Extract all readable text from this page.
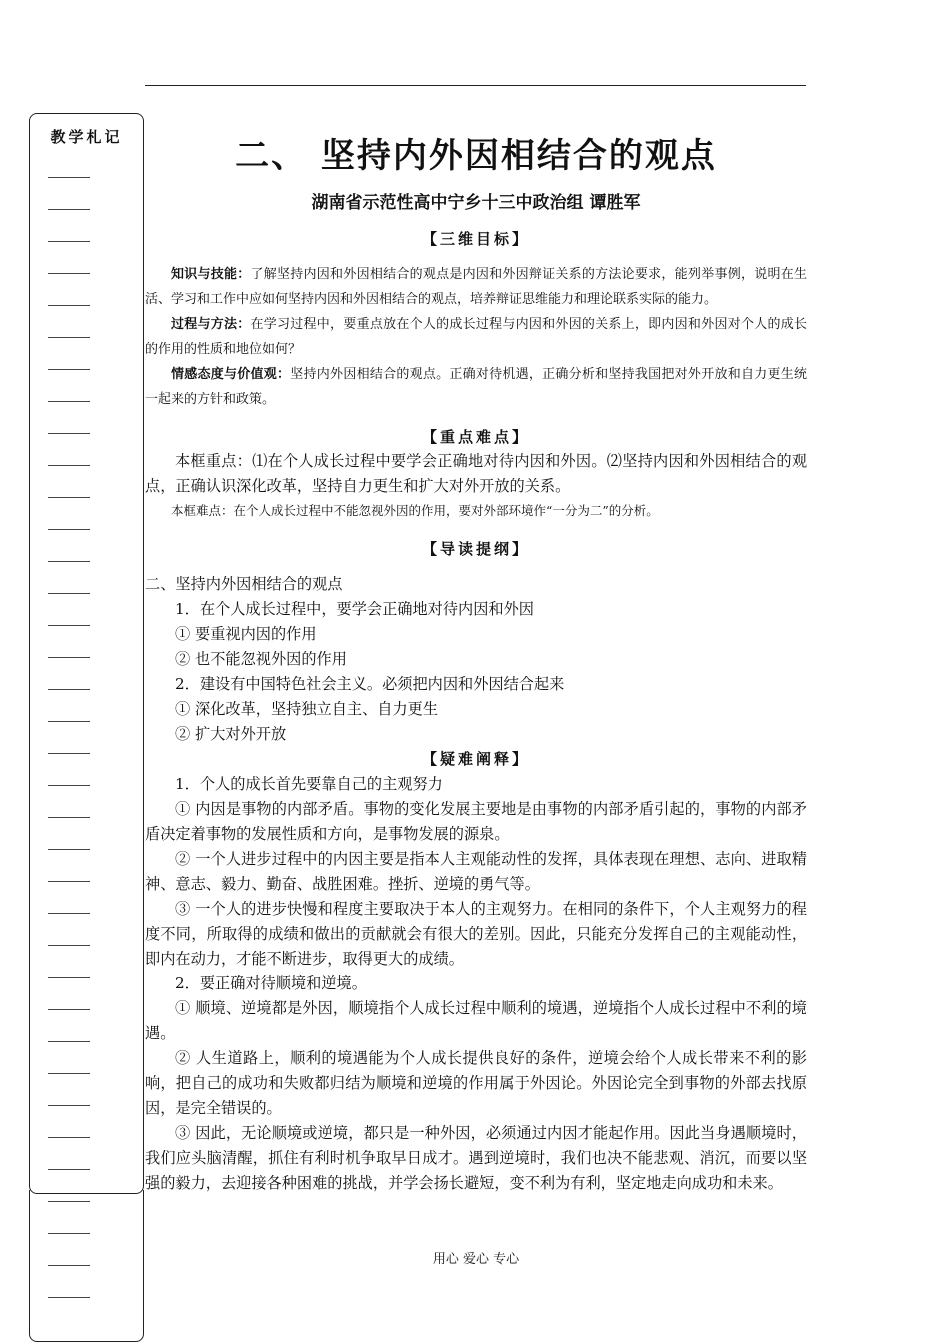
教学札记	二、 坚持内外因相结合的观点
湖南省示范性高中宁乡十三中政治组 谭胜军
【三维目标】
知识与技能：了解坚持内因和外因相结合的观点是内因和外因辩证关系的方法论要求，能列举事例，说明在生活、学习和工作中应如何坚持内因和外因相结合的观点，培养辩证思维能力和理论联系实际的能力。
过程与方法：在学习过程中，要重点放在个人的成长过程与内因和外因的关系上，即内因和外因对个人的成长的作用的性质和地位如何？
情感态度与价值观：坚持内外因相结合的观点。正确对待机遇，正确分析和坚持我国把对外开放和自力更生统一起来的方针和政策。
【重点难点】
本框重点：⑴在个人成长过程中要学会正确地对待内因和外因。⑵坚持内因和外因相结合的观点，正确认识深化改革，坚持自力更生和扩大对外开放的关系。
本框难点：在个人成长过程中不能忽视外因的作用，要对外部环境作“一分为二”的分析。
【导读提纲】
二、坚持内外因相结合的观点
1．在个人成长过程中，要学会正确地对待内因和外因
① 要重视内因的作用
② 也不能忽视外因的作用
2．建设有中国特色社会主义。必须把内因和外因结合起来
① 深化改革，坚持独立自主、自力更生
② 扩大对外开放
【疑难阐释】
1．个人的成长首先要靠自己的主观努力
① 内因是事物的内部矛盾。事物的变化发展主要地是由事物的内部矛盾引起的，事物的内部矛盾决定着事物的发展性质和方向，是事物发展的源泉。
② 一个人进步过程中的内因主要是指本人主观能动性的发挥，具体表现在理想、志向、进取精神、意志、毅力、勤奋、战胜困难。挫折、逆境的勇气等。
③ 一个人的进步快慢和程度主要取决于本人的主观努力。在相同的条件下，个人主观努力的程度不同，所取得的成绩和做出的贡献就会有很大的差别。因此，只能充分发挥自己的主观能动性，即内在动力，才能不断进步，取得更大的成绩。
2．要正确对待顺境和逆境。
① 顺境、逆境都是外因，顺境指个人成长过程中顺利的境遇，逆境指个人成长过程中不利的境遇。
② 人生道路上，顺利的境遇能为个人成长提供良好的条件，逆境会给个人成长带来不利的影响，把自己的成功和失败都归结为顺境和逆境的作用属于外因论。外因论完全到事物的外部去找原因，是完全错误的。
③ 因此，无论顺境或逆境，都只是一种外因，必须通过内因才能起作用。因此当身遇顺境时，我们应头脑清醒，抓住有利时机争取早日成才。遇到逆境时，我们也决不能悲观、消沉，而要以坚强的毅力，去迎接各种困难的挑战，并学会扬长避短，变不利为有利，坚定地走向成功和未来。
用心 爱心 专心
